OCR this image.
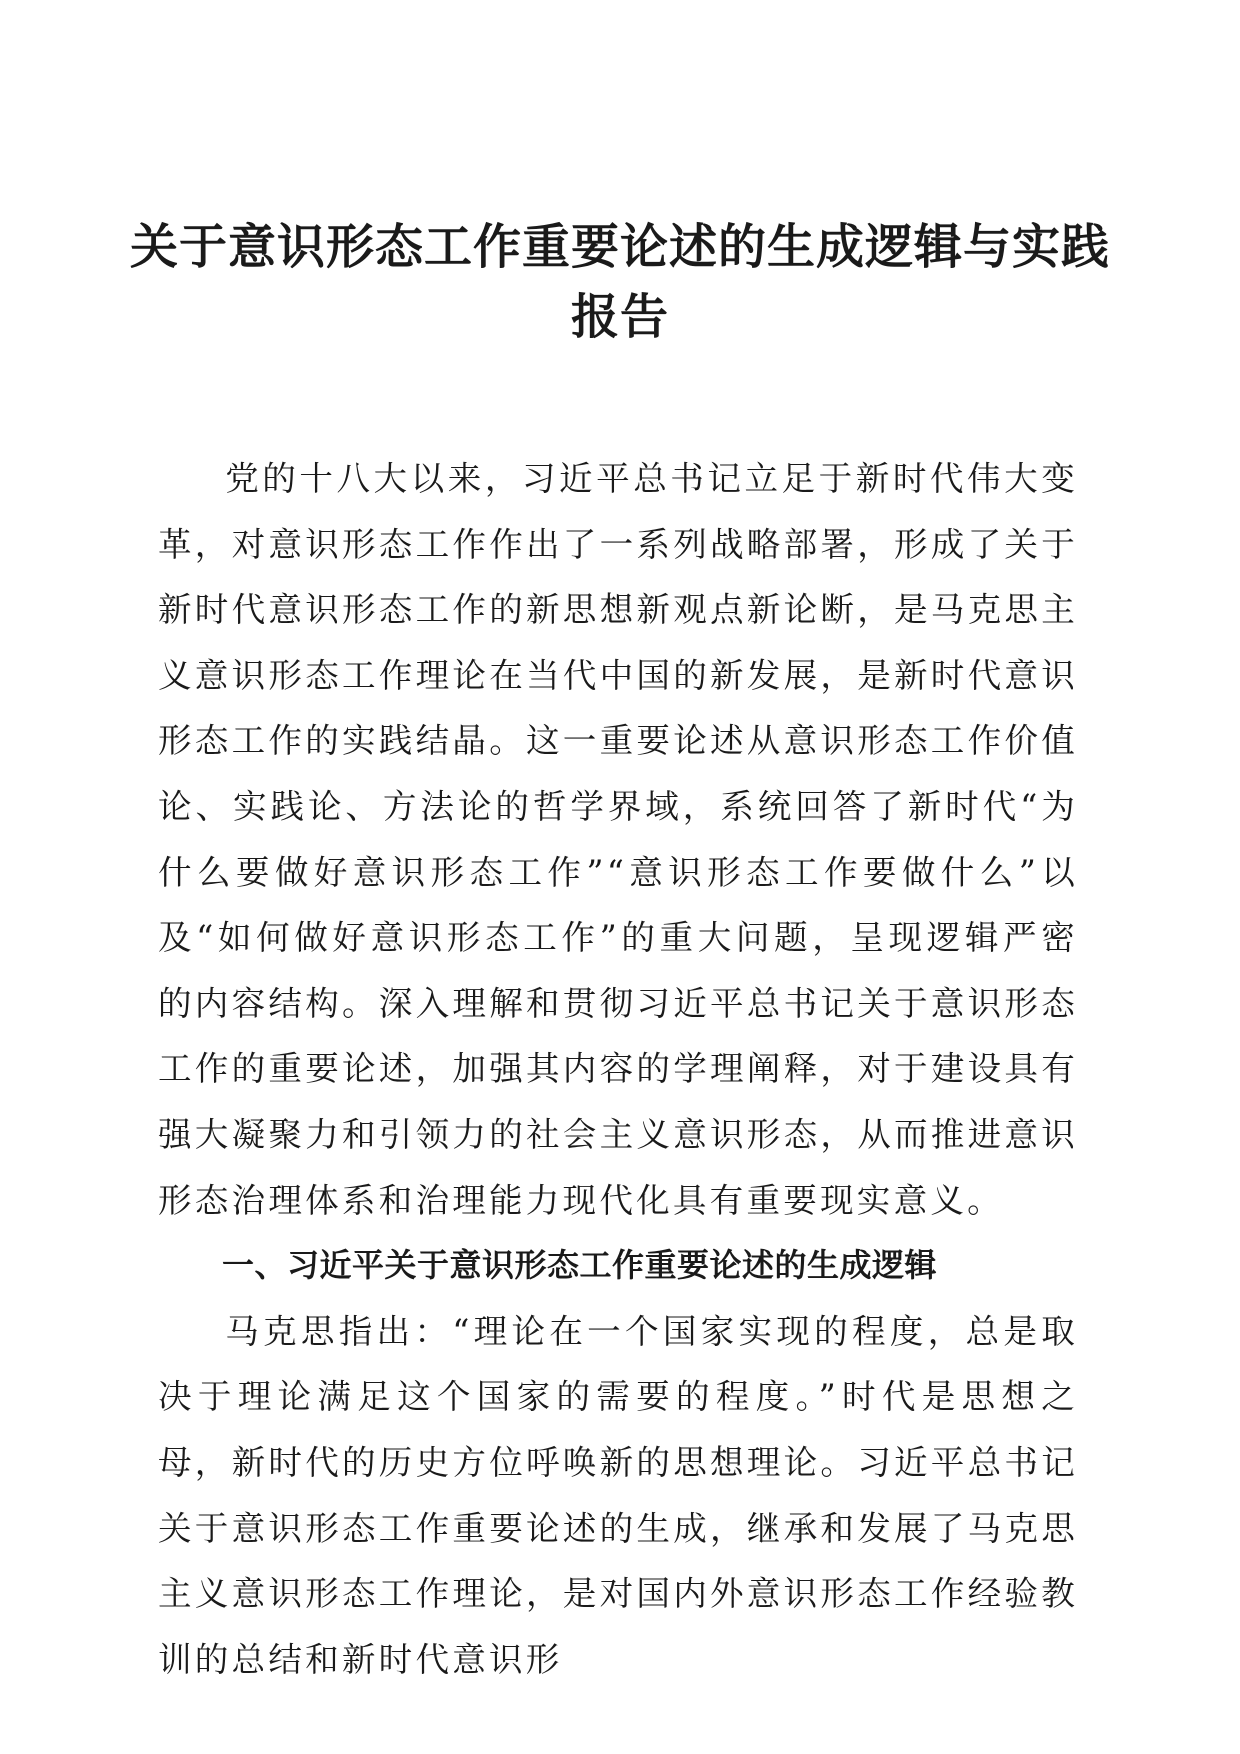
关于意识形态工作重要论述的生成逻辑与实践
报告

党的十八大以来，习近平总书记立足于新时代伟大变革，对意识形态工作作出了一系列战略部署，形成了关于新时代意识形态工作的新思想新观点新论断，是马克思主义意识形态工作理论在当代中国的新发展，是新时代意识形态工作的实践结晶。这一重要论述从意识形态工作价值论、实践论、方法论的哲学界域，系统回答了新时代“为什么要做好意识形态工作”“意识形态工作要做什么”以及“如何做好意识形态工作”的重大问题，呈现逻辑严密的内容结构。深入理解和贯彻习近平总书记关于意识形态工作的重要论述，加强其内容的学理阐释，对于建设具有强大凝聚力和引领力的社会主义意识形态，从而推进意识形态治理体系和治理能力现代化具有重要现实意义。

一、习近平关于意识形态工作重要论述的生成逻辑

马克思指出：“理论在一个国家实现的程度，总是取决于理论满足这个国家的需要的程度。”时代是思想之母，新时代的历史方位呼唤新的思想理论。习近平总书记关于意识形态工作重要论述的生成，继承和发展了马克思主义意识形态工作理论，是对国内外意识形态工作经验教训的总结和新时代意识形
